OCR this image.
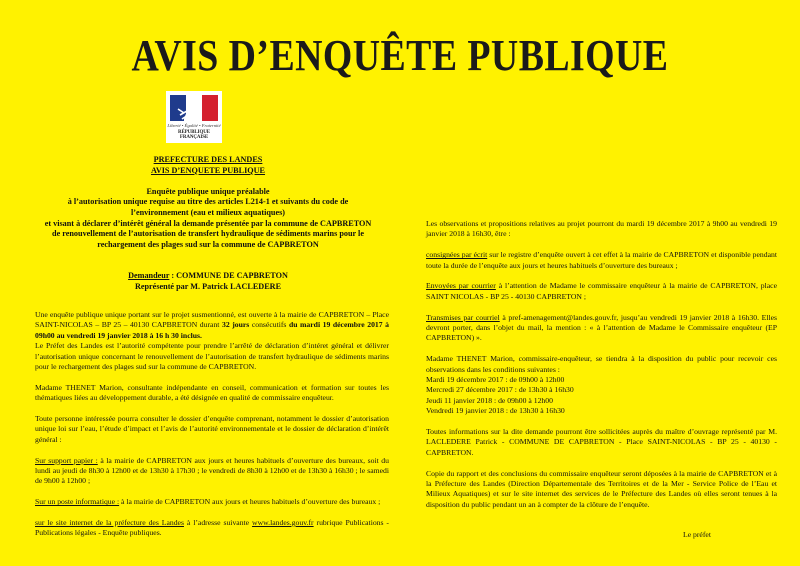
AVIS D’ENQUÊTE PUBLIQUE
Liberté • Égalité • Fraternité
RÉPUBLIQUE FRANÇAISE
PREFECTURE DES LANDES
AVIS D’ENQUETE PUBLIQUE
Enquête publique unique préalable
à l’autorisation unique requise au titre des articles L214-1 et suivants du code de
l’environnement (eau et milieux aquatiques)
et visant à déclarer d’intérêt général la demande présentée par la commune de CAPBRETON
de renouvellement de l’autorisation de transfert hydraulique de sédiments marins pour le
rechargement des plages sud sur la commune de CAPBRETON
Demandeur : COMMUNE DE CAPBRETON
Représenté par M. Patrick LACLEDERE

Une enquête publique unique portant sur le projet susmentionné, est ouverte à la mairie de CAPBRETON – Place SAINT-NICOLAS – BP 25 – 40130 CAPBRETON durant 32 jours consécutifs du mardi 19 décembre 2017 à 09h00 au vendredi 19 janvier 2018 à 16 h 30 inclus.

Le Préfet des Landes est l’autorité compétente pour prendre l’arrêté de déclaration d’intéret général et délivrer l’autorisation unique concernant le renouvellement de l’autorisation de transfert hydraulique de sédiments marins pour le rechargement des plages sud sur la commune de CAPBRETON.

Madame THENET Marion, consultante indépendante en conseil, communication et formation sur toutes les thématiques liées au développement durable, a été désignée en qualité de commissaire enquêteur.

Toute personne intéressée pourra consulter le dossier d’enquête comprenant, notamment le dossier d’autorisation unique loi sur l’eau, l’étude d’impact et l’avis de l’autorité environnementale et le dossier de déclaration d’intérêt général :

Sur support papier : à la mairie de CAPBRETON aux jours et heures habituels d’ouverture des bureaux, soit du lundi au jeudi de 8h30 à 12h00 et de 13h30 à 17h30 ; le vendredi de 8h30 à 12h00 et de 13h30 à 16h30 ; le samedi de 9h00 à 12h00 ;

Sur un poste informatique : à la mairie de CAPBRETON aux jours et heures habituels d’ouverture des bureaux ;

sur le site internet de la préfecture des Landes à l’adresse suivante www.landes.gouv.fr rubrique Publications - Publications légales - Enquête publiques.

Les observations et propositions relatives au projet pourront du mardi 19 décembre 2017 à 9h00 au vendredi 19 janvier 2018 à 16h30, être :

consignées par écrit sur le registre d’enquête ouvert à cet effet à la mairie de CAPBRETON et disponible pendant toute la durée de l’enquête aux jours et heures habituels d’ouverture des bureaux ;

Envoyées par courrier à l’attention de Madame le commissaire enquêteur à la mairie de CAPBRETON, place SAINT NICOLAS - BP 25 - 40130 CAPBRETON ;

Transmises par courriel à pref-amenagement@landes.gouv.fr, jusqu’au vendredi 19 janvier 2018 à 16h30. Elles devront porter, dans l’objet du mail, la mention : « à l’attention de Madame le Commissaire enquêteur (EP CAPBRETON) ».

Madame THENET Marion, commissaire-enquêteur, se tiendra à la disposition du public pour recevoir ces observations dans les conditions suivantes :

Mardi 19 décembre 2017 : de 09h00 à 12h00
Mercredi 27 décembre 2017 : de 13h30 à 16h30
Jeudi 11 janvier 2018 : de 09h00 à 12h00
Vendredi 19 janvier 2018 : de 13h30 à 16h30

Toutes informations sur la dite demande pourront être sollicitées auprès du maître d’ouvrage représenté par M. LACLEDERE Patrick - COMMUNE DE CAPBRETON - Place SAINT-NICOLAS - BP 25 - 40130 - CAPBRETON.

Copie du rapport et des conclusions du commissaire enquêteur seront déposées à la mairie de CAPBRETON et à la Préfecture des Landes (Direction Départementale des Territoires et de la Mer - Service Police de l’Eau et Milieux Aquatiques) et sur le site internet des services de le Préfecture des Landes où elles seront tenues à la disposition du public pendant un an à compter de la clôture de l’enquête.

Le préfet
